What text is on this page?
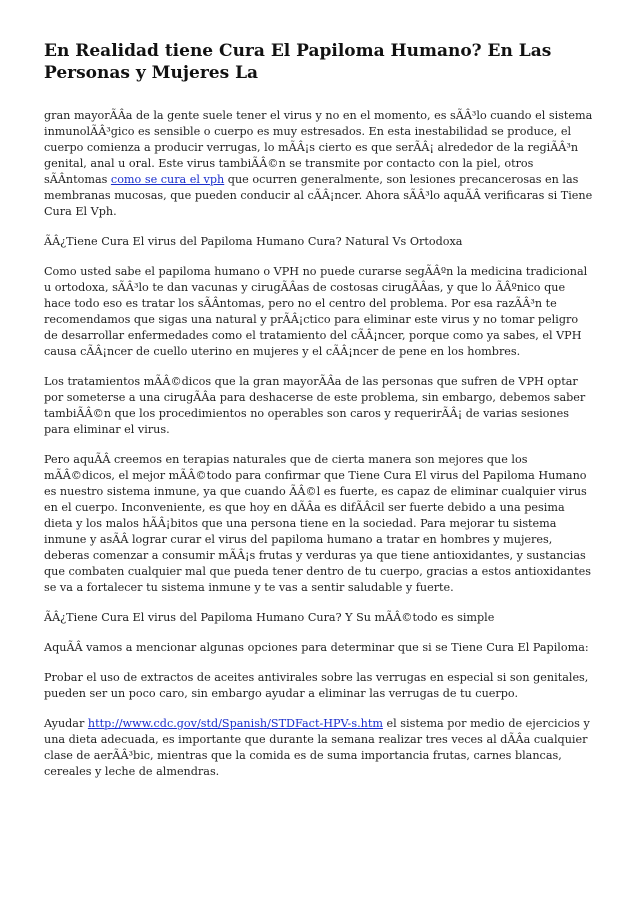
En Realidad tiene Cura El Papiloma Humano? En Las Personas y Mujeres La

gran mayorÃÂa de la gente suele tener el virus y no en el momento, es sÃÂ³lo cuando el sistema inmunolÃÂ³gico es sensible o cuerpo es muy estresados. En esta inestabilidad se produce, el cuerpo comienza a producir verrugas, lo mÃÂ¡s cierto es que serÃÂ¡ alrededor de la regiÃÂ³n genital, anal u oral. Este virus tambiÃÂ©n se transmite por contacto con la piel, otros sÃÂntomas como se cura el vph que ocurren generalmente, son lesiones precancerosas en las membranas mucosas, que pueden conducir al cÃÂ¡ncer. Ahora sÃÂ³lo aquÃÂ verificaras si Tiene Cura El Vph.

ÃÂ¿Tiene Cura El virus del Papiloma Humano Cura? Natural Vs Ortodoxa

Como usted sabe el papiloma humano o VPH no puede curarse segÃÂºn la medicina tradicional u ortodoxa, sÃÂ³lo te dan vacunas y cirugÃÂas de costosas cirugÃÂas, y que lo ÃÂºnico que hace todo eso es tratar los sÃÂntomas, pero no el centro del problema. Por esa razÃÂ³n te recomendamos que sigas una natural y prÃÂ¡ctico para eliminar este virus y no tomar peligro de desarrollar enfermedades como el tratamiento del cÃÂ¡ncer, porque como ya sabes, el VPH causa cÃÂ¡ncer de cuello uterino en mujeres y el cÃÂ¡ncer de pene en los hombres.

Los tratamientos mÃÂ©dicos que la gran mayorÃÂa de las personas que sufren de VPH optar por someterse a una cirugÃÂa para deshacerse de este problema, sin embargo, debemos saber tambiÃÂ©n que los procedimientos no operables son caros y requerirÃÂ¡ de varias sesiones para eliminar el virus.

Pero aquÃÂ creemos en terapias naturales que de cierta manera son mejores que los mÃÂ©dicos, el mejor mÃÂ©todo para confirmar que Tiene Cura El virus del Papiloma Humano es nuestro sistema inmune, ya que cuando ÃÂ©l es fuerte, es capaz de eliminar cualquier virus en el cuerpo. Inconveniente, es que hoy en dÃÂa es difÃÂcil ser fuerte debido a una pesima dieta y los malos hÃÂ¡bitos que una persona tiene en la sociedad. Para mejorar tu sistema inmune y asÃÂ lograr curar el virus del papiloma humano a tratar en hombres y mujeres, deberas comenzar a consumir mÃÂ¡s frutas y verduras ya que tiene antioxidantes, y sustancias que combaten cualquier mal que pueda tener dentro de tu cuerpo, gracias a estos antioxidantes se va a fortalecer tu sistema inmune y te vas a sentir saludable y fuerte.

ÃÂ¿Tiene Cura El virus del Papiloma Humano Cura? Y Su mÃÂ©todo es simple

AquÃÂ vamos a mencionar algunas opciones para determinar que si se Tiene Cura El Papiloma:

Probar el uso de extractos de aceites antivirales sobre las verrugas en especial si son genitales, pueden ser un poco caro, sin embargo ayudar a eliminar las verrugas de tu cuerpo.

Ayudar http://www.cdc.gov/std/Spanish/STDFact-HPV-s.htm el sistema por medio de ejercicios y una dieta adecuada, es importante que durante la semana realizar tres veces al dÃÂa cualquier clase de aerÃÂ³bic, mientras que la comida es de suma importancia frutas, carnes blancas, cereales y leche de almendras.
